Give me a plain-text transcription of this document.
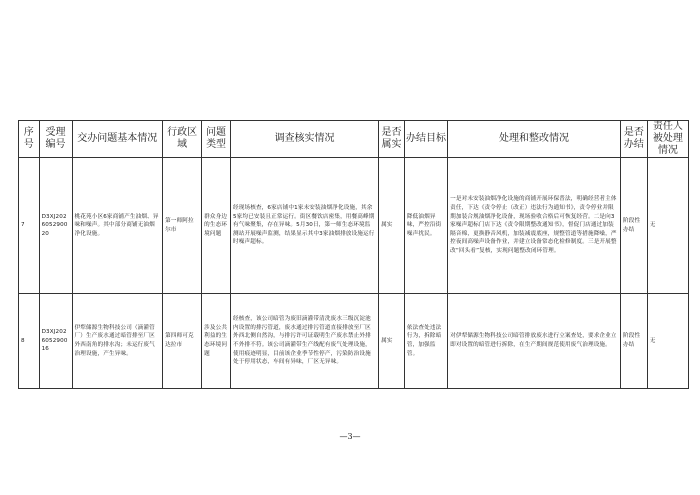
序号	受理编号	交办问题基本情况	行政区域	问题类型	调查核实情况	是否属实	办结目标	处理和整改情况	是否办结	责任人被处理情况
7	D3XJ202605290020	桃花苑小区6家商铺产生油烟、异味和噪声。其中部分商铺无油烟净化设施。	第一师阿拉尔市	群众身边的生态环境问题	经现场核查，6家店铺中1家未安装油烟净化设施，其余5家均已安装且正常运行。街区餐饮店密集，用餐高峰期有气味聚集，存在异味。5月30日，第一师生态环境监测站开展噪声监测，结果显示其中3家油烟排放设施运行时噪声超标。	属实	降低油烟异味，严控沿街噪声扰民。	一是对未安装油烟净化设施的商铺开展环保普法，明确经营者主体责任，下达《责令停止（改正）违法行为通知书》，责令停业并限期加装合规油烟净化设备，现场验收合格后可恢复经营。二是向3家噪声超标门店下达《责令限期整改通知书》，督促门店通过加装隔音棉，更换静音风机，加装减震底座，规整管道等措施降噪，严控夜间高噪声设备作业，并建立设备常态化检修制度。三是开展整改“回头看”复核，实现问题整改闭环管理。	阶段性办结	无
8	D3XJ202605290016	伊犁储源生物科技公司（滴灌管厂）生产废水通过暗管排至厂区外西南角的排水沟；未运行废气治理设施，产生异味。	第四师可克达拉市	涉及公共利益的生态环境问题	经核查，该公司暗管为废旧滴灌带清洗废水三级沉淀池内设置的排污管道，废水通过排污管道直接排放至厂区外西北侧自然沟，与排污许可证载明生产废水禁止外排不外排不符。该公司滴灌带生产线配有废气处理设施，使用痕迹明显，目前该企业季节性停产，污染防治设施处于停用状态，车间有异味，厂区无异味。	属实	依法查处违法行为，拆除暗管，加强监管。	对伊犁储源生物科技公司暗管排放废水进行立案查处，要求企业立即对设置的暗管进行拆除，在生产期间规范使用废气治理设施。	阶段性办结	无
—3—
